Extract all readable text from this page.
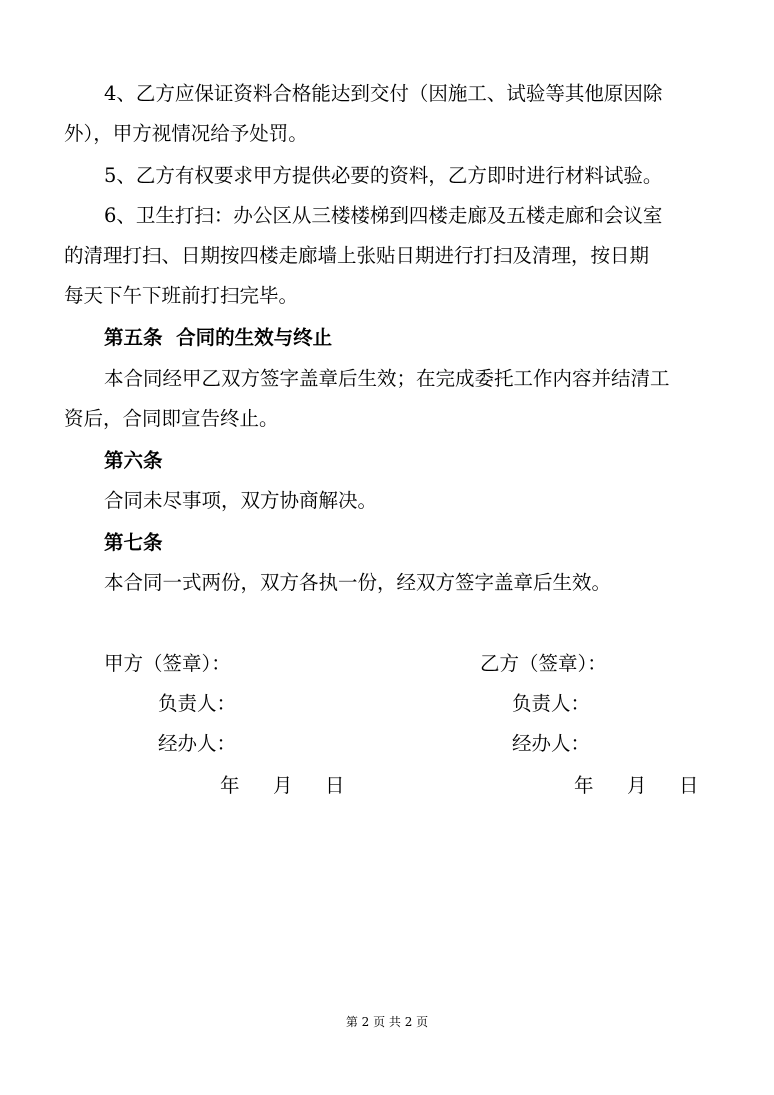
4、乙方应保证资料合格能达到交付（因施工、试验等其他原因除
外），甲方视情况给予处罚。
5、乙方有权要求甲方提供必要的资料，乙方即时进行材料试验。
6、卫生打扫：办公区从三楼楼梯到四楼走廊及五楼走廊和会议室
的清理打扫、日期按四楼走廊墙上张贴日期进行打扫及清理，按日期
每天下午下班前打扫完毕。
第五条  合同的生效与终止
本合同经甲乙双方签字盖章后生效；在完成委托工作内容并结清工
资后，合同即宣告终止。
第六条
合同未尽事项，双方协商解决。
第七条
本合同一式两份，双方各执一份，经双方签字盖章后生效。
甲方（签章）：
负责人：
经办人：
年 月 日
乙方（签章）：
负责人：
经办人：
年 月 日
第 2 页 共 2 页
